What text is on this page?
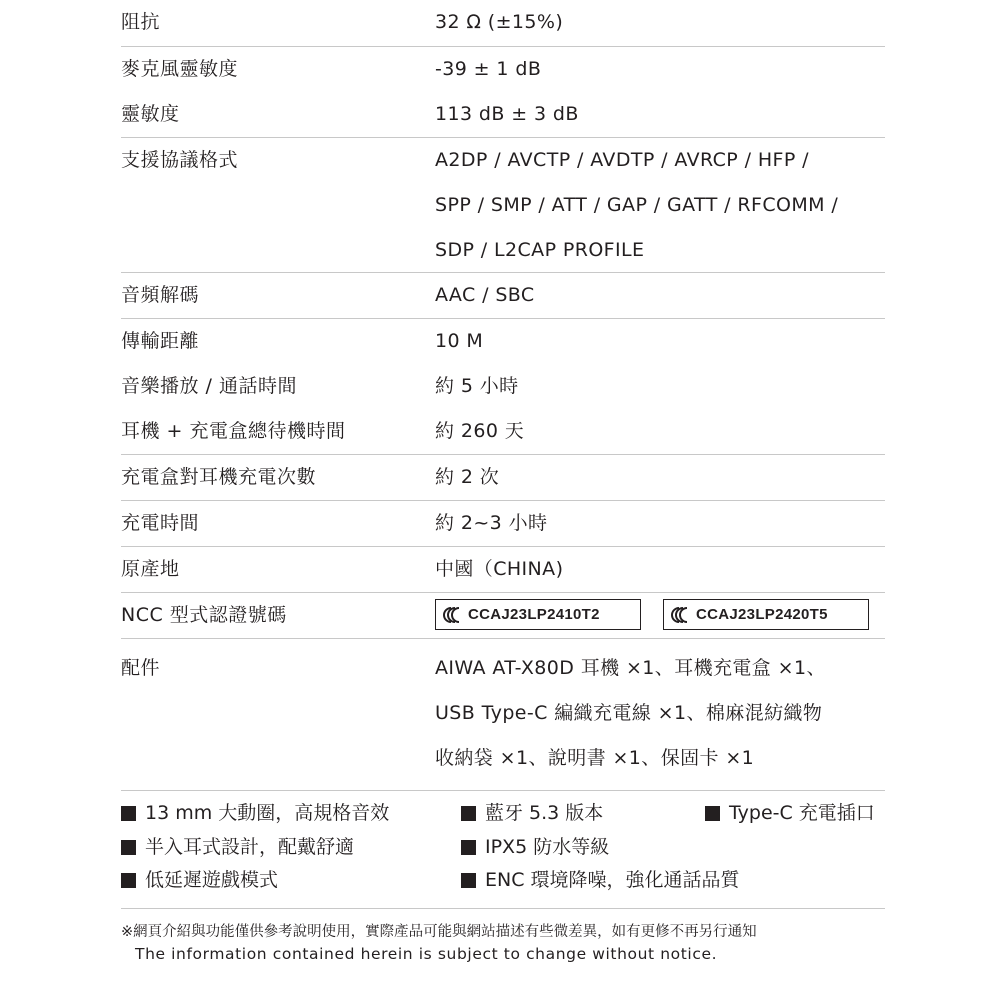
阻抗	32 Ω (±15%)
麥克風靈敏度	-39 ± 1 dB
靈敏度	113 dB ± 3 dB
支援協議格式	A2DP / AVCTP / AVDTP / AVRCP / HFP /
SPP / SMP / ATT / GAP / GATT / RFCOMM /
SDP / L2CAP PROFILE
音頻解碼	AAC / SBC
傳輸距離	10 M
音樂播放 / 通話時間	約 5 小時
耳機 + 充電盒總待機時間	約 260 天
充電盒對耳機充電次數	約 2 次
充電時間	約 2~3 小時
原產地	中國（CHINA)
NCC 型式認證號碼	CCAJ23LP2410T2	CCAJ23LP2420T5
配件	AIWA AT-X80D 耳機 ×1、耳機充電盒 ×1、
USB Type-C 編織充電線 ×1、棉麻混紡織物
收納袋 ×1、說明書 ×1、保固卡 ×1
13 mm 大動圈，高規格音效
半入耳式設計，配戴舒適
低延遲遊戲模式
藍牙 5.3 版本
IPX5 防水等級
ENC 環境降噪，強化通話品質
Type-C 充電插口
※網頁介紹與功能僅供參考說明使用，實際產品可能與網站描述有些微差異，如有更修不再另行通知
The information contained herein is subject to change without notice.
